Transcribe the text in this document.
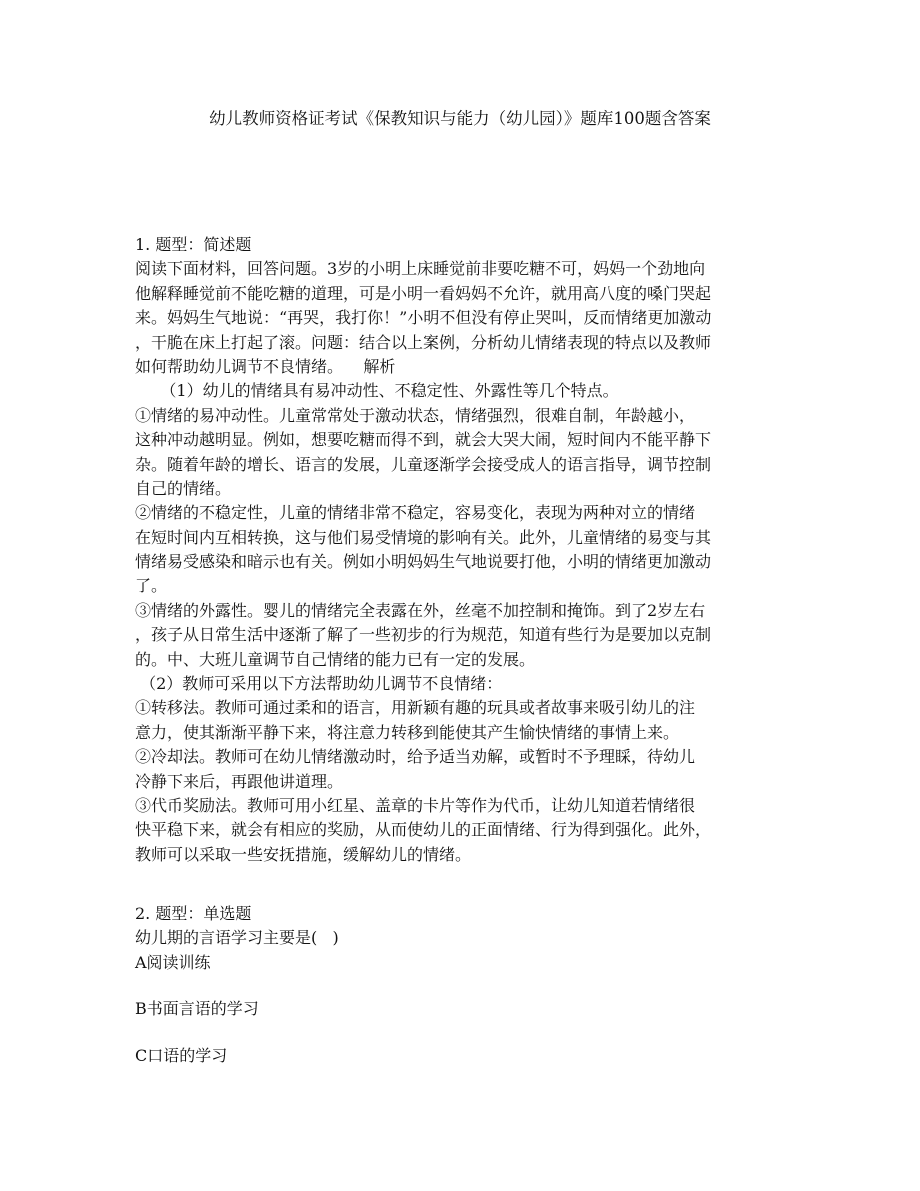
幼儿教师资格证考试《保教知识与能力（幼儿园）》题库100题含答案
1. 题型：简述题
阅读下面材料，回答问题。3岁的小明上床睡觉前非要吃糖不可，妈妈一个劲地向
他解释睡觉前不能吃糖的道理，可是小明一看妈妈不允许，就用高八度的嗓门哭起
来。妈妈生气地说：“再哭，我打你！”小明不但没有停止哭叫，反而情绪更加激动
，干脆在床上打起了滚。问题：结合以上案例，分析幼儿情绪表现的特点以及教师
如何帮助幼儿调节不良情绪。    解析
（1）幼儿的情绪具有易冲动性、不稳定性、外露性等几个特点。
①情绪的易冲动性。儿童常常处于激动状态，情绪强烈，很难自制，年龄越小，
这种冲动越明显。例如，想要吃糖而得不到，就会大哭大闹，短时间内不能平静下
杂。随着年龄的增长、语言的发展，儿童逐渐学会接受成人的语言指导，调节控制
自己的情绪。
②情绪的不稳定性，儿童的情绪非常不稳定，容易变化，表现为两种对立的情绪
在短时间内互相转换，这与他们易受情境的影响有关。此外，儿童情绪的易变与其
情绪易受感染和暗示也有关。例如小明妈妈生气地说要打他，小明的情绪更加激动
了。
③情绪的外露性。婴儿的情绪完全表露在外，丝毫不加控制和掩饰。到了2岁左右
，孩子从日常生活中逐渐了解了一些初步的行为规范，知道有些行为是要加以克制
的。中、大班儿童调节自己情绪的能力已有一定的发展。
（2）教师可采用以下方法帮助幼儿调节不良情绪：
①转移法。教师可通过柔和的语言，用新颖有趣的玩具或者故事来吸引幼儿的注
意力，使其渐渐平静下来，将注意力转移到能使其产生愉快情绪的事情上来。
②冷却法。教师可在幼儿情绪激动时，给予适当劝解，或暂时不予理睬，待幼儿
冷静下来后，再跟他讲道理。
③代币奖励法。教师可用小红星、盖章的卡片等作为代币，让幼儿知道若情绪很
快平稳下来，就会有相应的奖励，从而使幼儿的正面情绪、行为得到强化。此外，
教师可以采取一些安抚措施，缓解幼儿的情绪。
2. 题型：单选题
幼儿期的言语学习主要是(   )
A阅读训练
B书面言语的学习
C口语的学习
